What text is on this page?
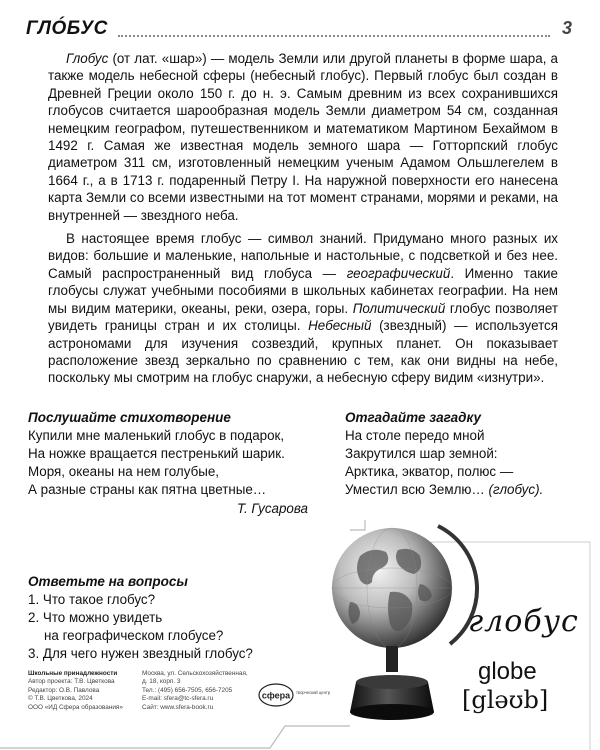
ГЛÓБУС	3

Глобус (от лат. «шар») — модель Земли или другой планеты в форме шара, а также модель небесной сферы (небесный глобус). Первый глобус был создан в Древней Греции около 150 г. до н. э. Самым древним из всех сохранившихся глобусов считается шарообразная модель Земли диаметром 54 см, созданная немецким географом, путешественником и математиком Мартином Бехаймом в 1492 г. Самая же известная модель земного шара — Готторпский глобус диаметром 311 см, изготовленный немецким ученым Адамом Ольшлегелем в 1664 г., а в 1713 г. подаренный Петру I. На наружной поверхности его нанесена карта Земли со всеми известными на тот момент странами, морями и реками, на внутренней — звездного неба.

В настоящее время глобус — символ знаний. Придумано много разных их видов: большие и маленькие, напольные и настольные, с подсветкой и без нее. Самый распространенный вид глобуса — географический. Именно такие глобусы служат учебными пособиями в школьных кабинетах географии. На нем мы видим материки, океаны, реки, озера, горы. Политический глобус позволяет увидеть границы стран и их столицы. Небесный (звездный) — используется астрономами для изучения созвездий, крупных планет. Он показывает расположение звезд зеркально по сравнению с тем, как они видны на небе, поскольку мы смотрим на глобус снаружи, а небесную сферу видим «изнутри».

Послушайте стихотворение
Купили мне маленький глобус в подарок,
На ножке вращается пестренький шарик.
Моря, океаны на нем голубые,
А разные страны как пятна цветные…
Т. Гусарова
Отгадайте загадку
На столе передо мной
Закрутился шар земной:
Арктика, экватор, полюс —
Уместил всю Землю… (глобус).
Ответьте на вопросы
1. Что такое глобус?
2. Что можно увидеть
на географическом глобусе?
3. Для чего нужен звездный глобус?
Школьные принадлежности
Автор проекта: Т.В. Цветкова
Редактор: О.В. Павлова
© Т.В. Цветкова, 2024
ООО «ИД Сфера образования»
Москва, ул. Сельскохозяйственная,
д. 18, корп. 3
Тел.: (495) 656-7505, 656-7205
E-mail: sfera@tc-sfera.ru
Сайт: www.sfera-book.ru
сфера творческий центр
глобус
globe
[gləʊb]
